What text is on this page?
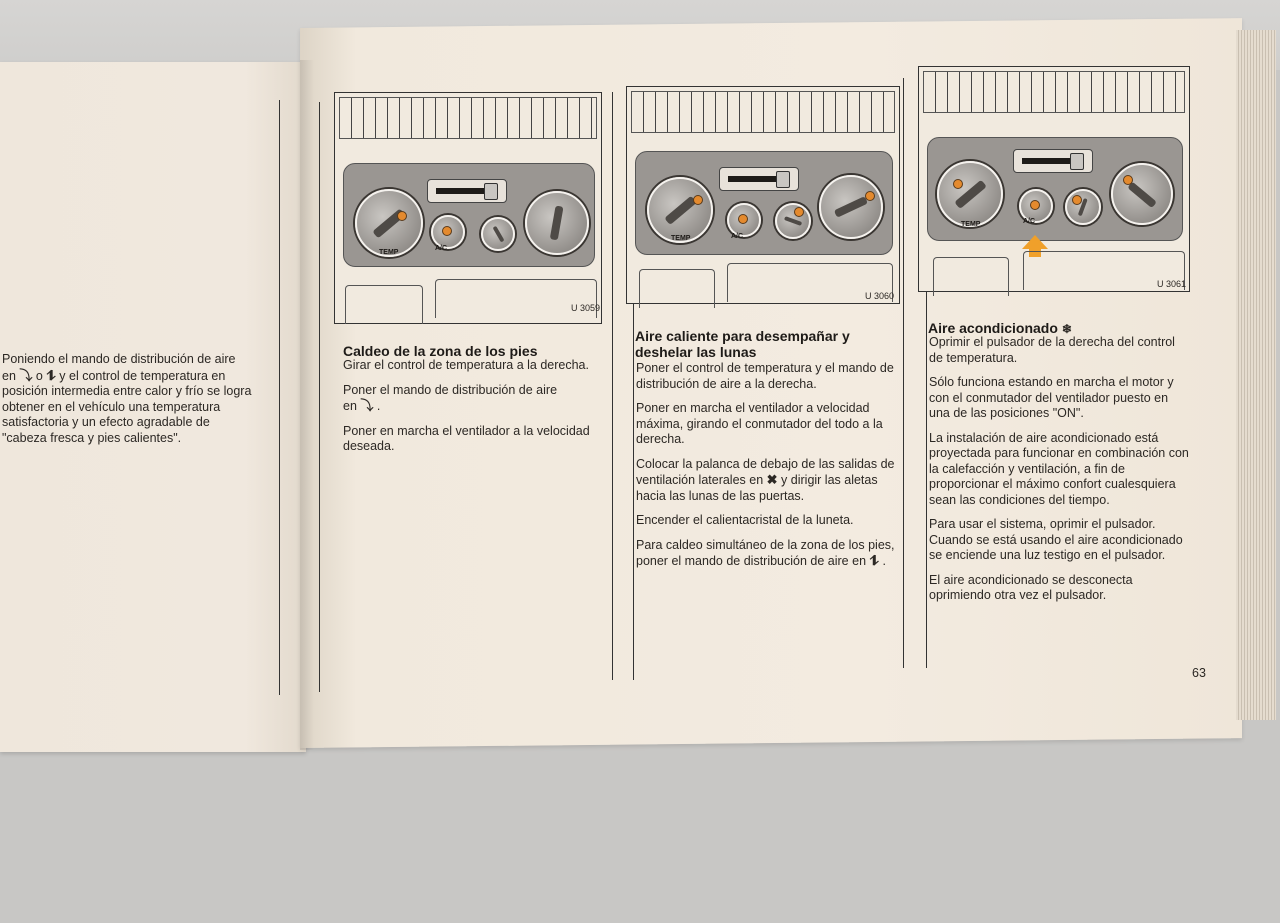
Poniendo el mando de distribución de aire
en ⤵ o ⥮ y el control de temperatura en
posición intermedia entre calor y frío se logra
obtener en el vehículo una temperatura
satisfactoria y un efecto agradable de
"cabeza fresca y pies calientes".
TEMP
A/C
U 3059
TEMP	A/C
U 3060
TEMP	A/C
U 3061
Caldeo de la zona de los pies

Girar el control de temperatura a la derecha.

Poner el mando de distribución de aire
en ⤵ .

Poner en marcha el ventilador a la velocidad deseada.

Aire caliente para desempañar y deshelar las lunas

Poner el control de temperatura y el mando de distribución de aire a la derecha.

Poner en marcha el ventilador a velocidad máxima, girando el conmutador del todo a la derecha.

Colocar la palanca de debajo de las salidas de ventilación laterales en ✖ y dirigir las aletas hacia las lunas de las puertas.

Encender el calientacristal de la luneta.

Para caldeo simultáneo de la zona de los pies, poner el mando de distribución de aire en ⥮ .

Aire acondicionado ❄

Oprimir el pulsador de la derecha del control de temperatura.

Sólo funciona estando en marcha el motor y con el conmutador del ventilador puesto en una de las posiciones "ON".

La instalación de aire acondicionado está proyectada para funcionar en combinación con la calefacción y ventilación, a fin de proporcionar el máximo confort cualesquiera sean las condiciones del tiempo.

Para usar el sistema, oprimir el pulsador. Cuando se está usando el aire acondicionado se enciende una luz testigo en el pulsador.

El aire acondicionado se desconecta oprimiendo otra vez el pulsador.

63
